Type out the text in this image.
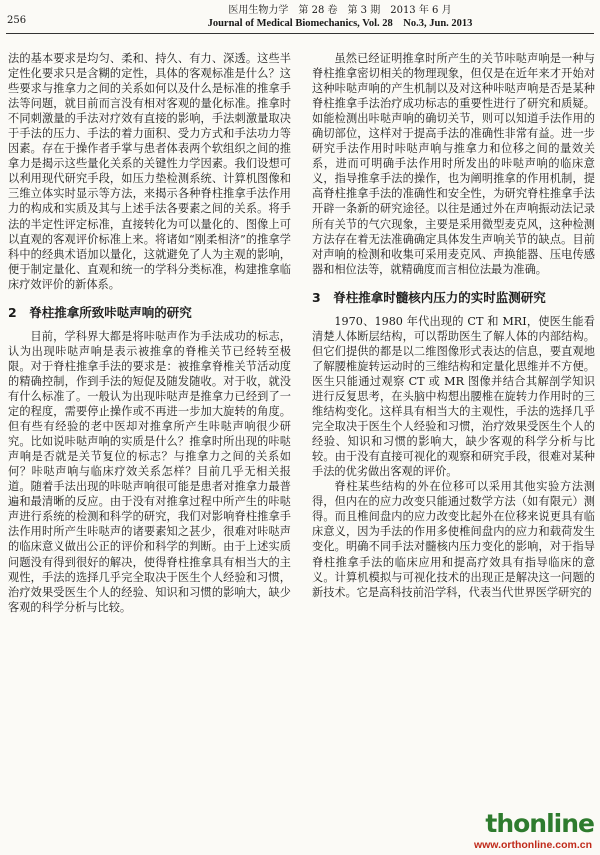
256
医用生物力学　第 28 卷　第 3 期　2013 年 6 月
Journal of Medical Biomechanics, Vol. 28　No.3, Jun. 2013

法的基本要求是均匀、柔和、持久、有力、深透。这些半定性化要求只是含糊的定性，具体的客观标准是什么？这些要求与推拿力之间的关系如何以及什么是标准的推拿手法等问题，就目前而言没有相对客观的量化标准。推拿时不同刺激量的手法对疗效有直接的影响，手法刺激量取决于手法的压力、手法的着力面积、受力方式和手法功力等因素。存在于操作者手掌与患者体表两个软组织之间的推拿力是揭示这些量化关系的关键性力学因素。我们设想可以利用现代研究手段，如压力垫检测系统、计算机图像和三维立体实时显示等方法，来揭示各种脊柱推拿手法作用力的构成和实质及其与上述手法各要素之间的关系。将手法的半定性评定标准，直接转化为可以量化的、图像上可以直观的客观评价标准上来。将诸如“刚柔相济”的推拿学科中的经典术语加以量化，这就避免了人为主观的影响，便于制定量化、直观和统一的学科分类标准，构建推拿临床疗效评价的新体系。

2　脊柱推拿所致咔哒声响的研究

目前，学科界大都是将咔哒声作为手法成功的标志，认为出现咔哒声响是表示被推拿的脊椎关节已经转至极限。对于脊柱推拿手法的要求是：被推拿脊椎关节活动度的精确控制，作到手法的短促及随发随收。对于收，就没有什么标准了。一般认为出现咔哒声是推拿力已经到了一定的程度，需要停止操作或不再进一步加大旋转的角度。但有些有经验的老中医却对推拿所产生咔哒声响很少研究。比如说咔哒声响的实质是什么？推拿时所出现的咔哒声响是否就是关节复位的标志？与推拿力之间的关系如何？咔哒声响与临床疗效关系怎样？目前几乎无相关报道。随着手法出现的咔哒声响很可能是患者对推拿力最普遍和最清晰的反应。由于没有对推拿过程中所产生的咔哒声进行系统的检测和科学的研究，我们对影响脊柱推拿手法作用时所产生咔哒声的诸要素知之甚少，很难对咔哒声的临床意义做出公正的评价和科学的判断。由于上述实质问题没有得到很好的解决，使得脊柱推拿具有相当大的主观性，手法的选择几乎完全取决于医生个人经验和习惯，治疗效果受医生个人的经验、知识和习惯的影响大，缺少客观的科学分析与比较。

虽然已经证明推拿时所产生的关节咔哒声响是一种与脊柱推拿密切相关的物理现象，但仅是在近年来才开始对这种咔哒声响的产生机制以及对这种咔哒声响是否是某种脊柱推拿手法治疗成功标志的重要性进行了研究和质疑。如能检测出咔哒声响的确切关节，则可以知道手法作用的确切部位，这样对于提高手法的准确性非常有益。进一步研究手法作用时咔哒声响与推拿力和位移之间的量效关系，进而可明确手法作用时所发出的咔哒声响的临床意义，指导推拿手法的操作，也为阐明推拿的作用机制，提高脊柱推拿手法的准确性和安全性，为研究脊柱推拿手法开辟一条新的研究途径。以往是通过外在声响振动法记录所有关节的气穴现象，主要是采用微型麦克风，这种检测方法存在着无法准确确定具体发生声响关节的缺点。目前对声响的检测和收集可采用麦克风、声换能器、压电传感器和相位法等，就精确度而言相位法最为准确。

3　脊柱推拿时髓核内压力的实时监测研究

1970、1980 年代出现的 CT 和 MRI，使医生能看清楚人体断层结构，可以帮助医生了解人体的内部结构。但它们提供的都是以二维图像形式表达的信息，要直观地了解腰椎旋转运动时的三维结构和定量化思维并不方便。医生只能通过观察 CT 或 MR 图像并结合其解剖学知识进行反复思考，在头脑中构想出腰椎在旋转力作用时的三维结构变化。这样具有相当大的主观性，手法的选择几乎完全取决于医生个人经验和习惯，治疗效果受医生个人的经验、知识和习惯的影响大，缺少客观的科学分析与比较。由于没有直接可视化的观察和研究手段，很难对某种手法的优劣做出客观的评价。

脊柱某些结构的外在位移可以采用其他实验方法测得，但内在的应力改变只能通过数学方法（如有限元）测得。而且椎间盘内的应力改变比起外在位移来说更具有临床意义，因为手法的作用多使椎间盘内的应力和载荷发生变化。明确不同手法对髓核内压力变化的影响，对于指导脊柱推拿手法的临床应用和提高疗效具有指导临床的意义。计算机模拟与可视化技术的出现正是解决这一问题的新技术。它是高科技前沿学科，代表当代世界医学研究的

thonline
www.orthonline.com.cn
